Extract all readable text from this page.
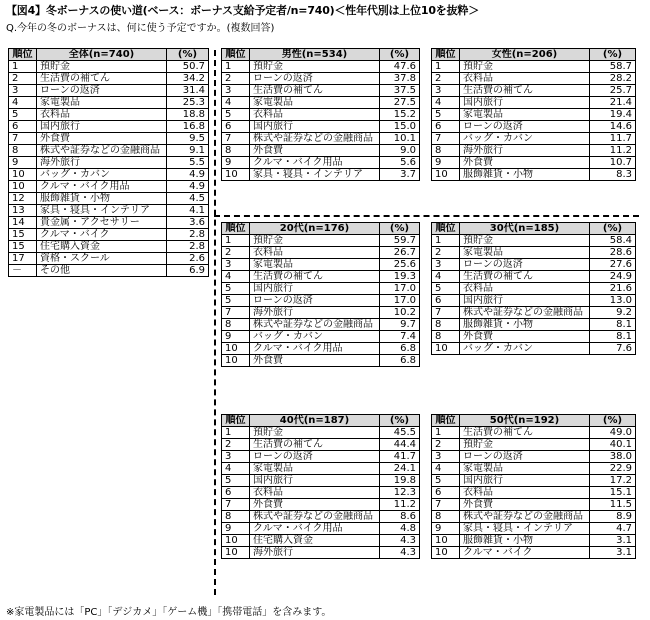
【図4】冬ボーナスの使い道(ベース：ボーナス支給予定者/n=740)＜性年代別は上位10を抜粋＞
Q.今年の冬のボーナスは、何に使う予定ですか。(複数回答)
順位	全体(n=740)	(%)
1	預貯金	50.7
2	生活費の補てん	34.2
3	ローンの返済	31.4
4	家電製品	25.3
5	衣料品	18.8
6	国内旅行	16.8
7	外食費	9.5
8	株式や証券などの金融商品	9.1
9	海外旅行	5.5
10	バッグ・カバン	4.9
10	クルマ・バイク用品	4.9
12	服飾雑貨・小物	4.5
13	家具・寝具・インテリア	4.1
14	貴金属・アクセサリー	3.6
15	クルマ・バイク	2.8
15	住宅購入資金	2.8
17	資格・スクール	2.6
－	その他	6.9
順位	男性(n=534)	(%)
1	預貯金	47.6
2	ローンの返済	37.8
3	生活費の補てん	37.5
4	家電製品	27.5
5	衣料品	15.2
6	国内旅行	15.0
7	株式や証券などの金融商品	10.1
8	外食費	9.0
9	クルマ・バイク用品	5.6
10	家具・寝具・インテリア	3.7
順位	女性(n=206)	(%)
1	預貯金	58.7
2	衣料品	28.2
3	生活費の補てん	25.7
4	国内旅行	21.4
5	家電製品	19.4
6	ローンの返済	14.6
7	バッグ・カバン	11.7
8	海外旅行	11.2
9	外食費	10.7
10	服飾雑貨・小物	8.3
順位	20代(n=176)	(%)
1	預貯金	59.7
2	衣料品	26.7
3	家電製品	25.6
4	生活費の補てん	19.3
5	国内旅行	17.0
5	ローンの返済	17.0
7	海外旅行	10.2
8	株式や証券などの金融商品	9.7
9	バッグ・カバン	7.4
10	クルマ・バイク用品	6.8
10	外食費	6.8
順位	30代(n=185)	(%)
1	預貯金	58.4
2	家電製品	28.6
3	ローンの返済	27.6
4	生活費の補てん	24.9
5	衣料品	21.6
6	国内旅行	13.0
7	株式や証券などの金融商品	9.2
8	服飾雑貨・小物	8.1
8	外食費	8.1
10	バッグ・カバン	7.6
順位	40代(n=187)	(%)
1	預貯金	45.5
2	生活費の補てん	44.4
3	ローンの返済	41.7
4	家電製品	24.1
5	国内旅行	19.8
6	衣料品	12.3
7	外食費	11.2
8	株式や証券などの金融商品	8.6
9	クルマ・バイク用品	4.8
10	住宅購入資金	4.3
10	海外旅行	4.3
順位	50代(n=192)	(%)
1	生活費の補てん	49.0
2	預貯金	40.1
3	ローンの返済	38.0
4	家電製品	22.9
5	国内旅行	17.2
6	衣料品	15.1
7	外食費	11.5
8	株式や証券などの金融商品	8.9
9	家具・寝具・インテリア	4.7
10	服飾雑貨・小物	3.1
10	クルマ・バイク	3.1
※家電製品には「PC」「デジカメ」「ゲーム機」「携帯電話」を含みます。
